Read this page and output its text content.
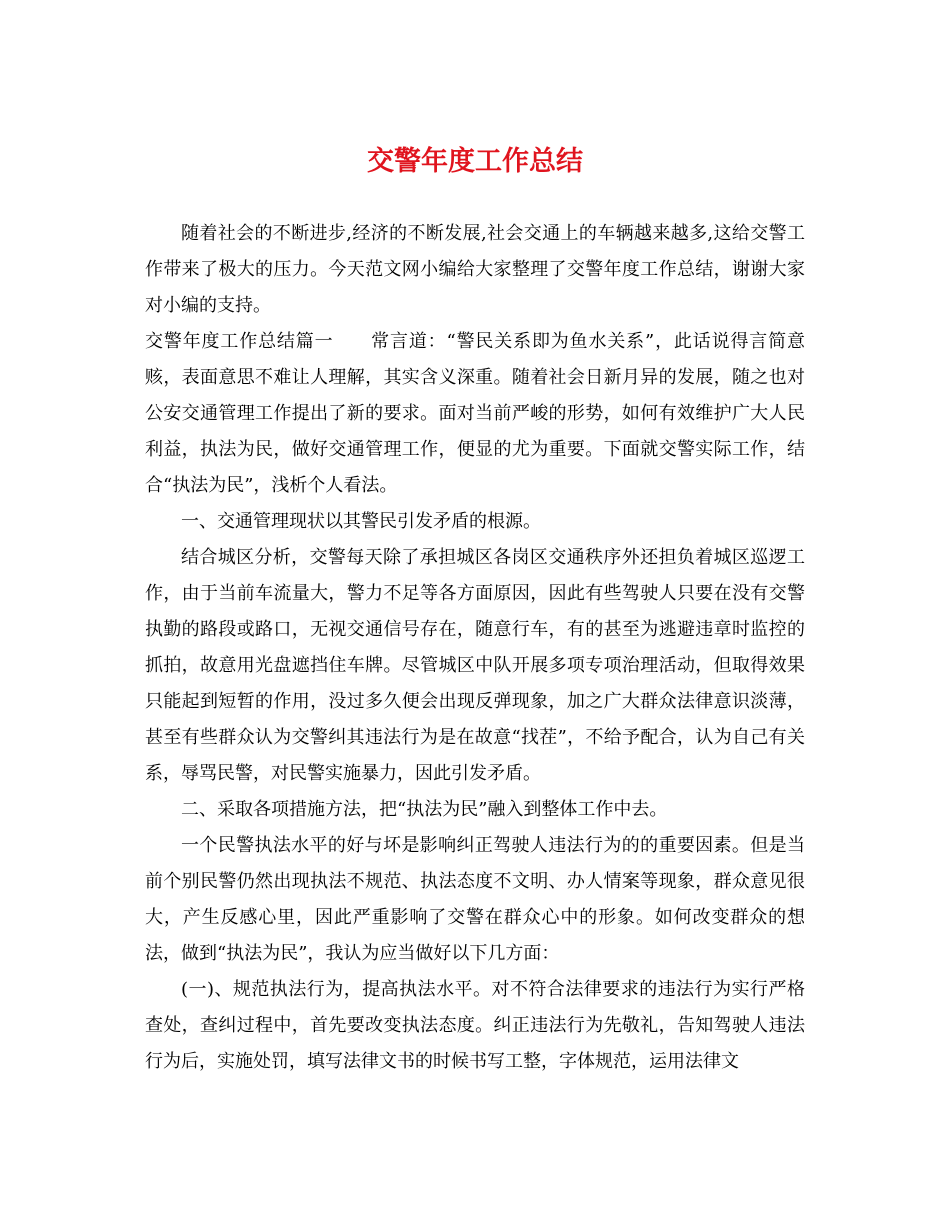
交警年度工作总结

随着社会的不断进步,经济的不断发展,社会交通上的车辆越来越多,这给交警工作带来了极大的压力。今天范文网小编给大家整理了交警年度工作总结，谢谢大家对小编的支持。

交警年度工作总结篇一　　常言道：“警民关系即为鱼水关系”，此话说得言简意赅，表面意思不难让人理解，其实含义深重。随着社会日新月异的发展，随之也对公安交通管理工作提出了新的要求。面对当前严峻的形势，如何有效维护广大人民利益，执法为民，做好交通管理工作，便显的尤为重要。下面就交警实际工作，结合“执法为民”，浅析个人看法。

一、交通管理现状以其警民引发矛盾的根源。

结合城区分析，交警每天除了承担城区各岗区交通秩序外还担负着城区巡逻工作，由于当前车流量大，警力不足等各方面原因，因此有些驾驶人只要在没有交警执勤的路段或路口，无视交通信号存在，随意行车，有的甚至为逃避违章时监控的抓拍，故意用光盘遮挡住车牌。尽管城区中队开展多项专项治理活动，但取得效果只能起到短暂的作用，没过多久便会出现反弹现象，加之广大群众法律意识淡薄，甚至有些群众认为交警纠其违法行为是在故意“找茬”，不给予配合，认为自己有关系，辱骂民警，对民警实施暴力，因此引发矛盾。

二、采取各项措施方法，把“执法为民”融入到整体工作中去。

一个民警执法水平的好与坏是影响纠正驾驶人违法行为的的重要因素。但是当前个别民警仍然出现执法不规范、执法态度不文明、办人情案等现象，群众意见很大，产生反感心里，因此严重影响了交警在群众心中的形象。如何改变群众的想法，做到“执法为民”，我认为应当做好以下几方面：

(一)、规范执法行为，提高执法水平。对不符合法律要求的违法行为实行严格查处，查纠过程中，首先要改变执法态度。纠正违法行为先敬礼，告知驾驶人违法行为后，实施处罚，填写法律文书的时候书写工整，字体规范，运用法律文
